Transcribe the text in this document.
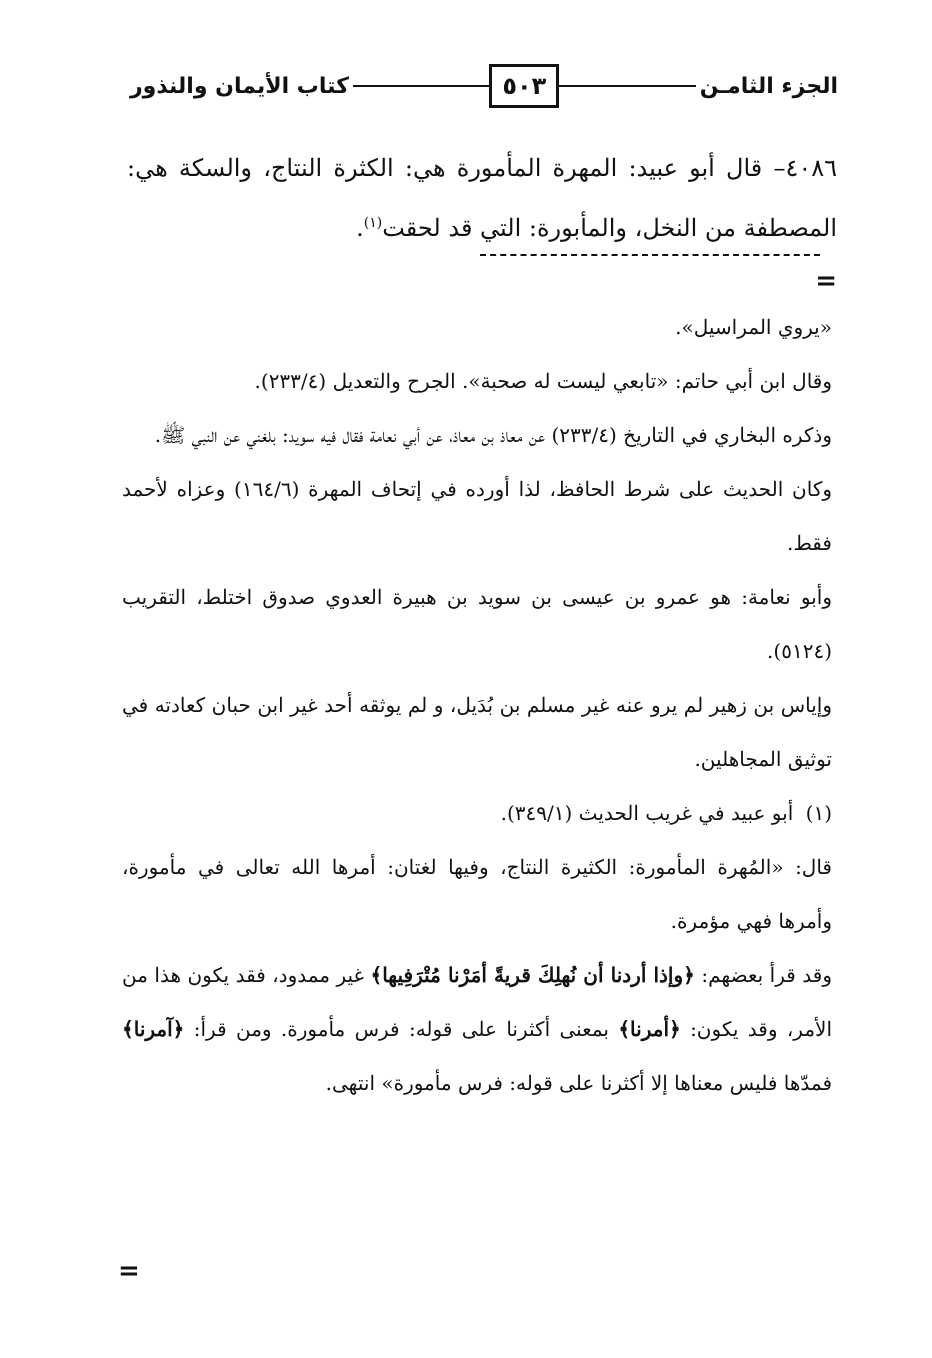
الجزء الثامـن
٥٠٣
كتاب الأيمان والنذور
٤٠٨٦– قال أبو عبيد: المهرة المأمورة هي: الكثرة النتاج، والسكة هي: المصطفة من النخل، والمأبورة: التي قد لحقت$^{(١)}$.
=

«يروي المراسيل».

وقال ابن أبي حاتم: «تابعي ليست له صحبة». الجرح والتعديل (٢٣٣/٤).

وذكره البخاري في التاريخ (٢٣٣/٤) عن معاذ بن معاذ، عن أبي نعامة فقال فيه سويد: بلغني عن النبي ﷺ.

وكان الحديث على شرط الحافظ، لذا أورده في إتحاف المهرة (١٦٤/٦) وعزاه لأحمد فقط.

وأبو نعامة: هو عمرو بن عيسى بن سويد بن هبيرة العدوي صدوق اختلط، التقريب (٥١٢٤).

وإياس بن زهير لم يرو عنه غير مسلم بن بُدَيل، و لم يوثقه أحد غير ابن حبان كعادته في توثيق المجاهلين.

(١) أبو عبيد في غريب الحديث (٣٤٩/١).

قال: «المُهرة المأمورة: الكثيرة النتاج، وفيها لغتان: أمرها الله تعالى في مأمورة، وأمرها فهي مؤمرة.

وقد قرأ بعضهم: ﴿وإذا أردنا أن نُهلِكَ قريةً أمَرْنا مُتْرَفِيها﴾ غير ممدود، فقد يكون هذا من الأمر، وقد يكون: ﴿أمرنا﴾ بمعنى أكثرنا على قوله: فرس مأمورة. ومن قرأ: ﴿آمرنا﴾ فمدّها فليس معناها إلا أكثرنا على قوله: فرس مأمورة» انتهى.

=
